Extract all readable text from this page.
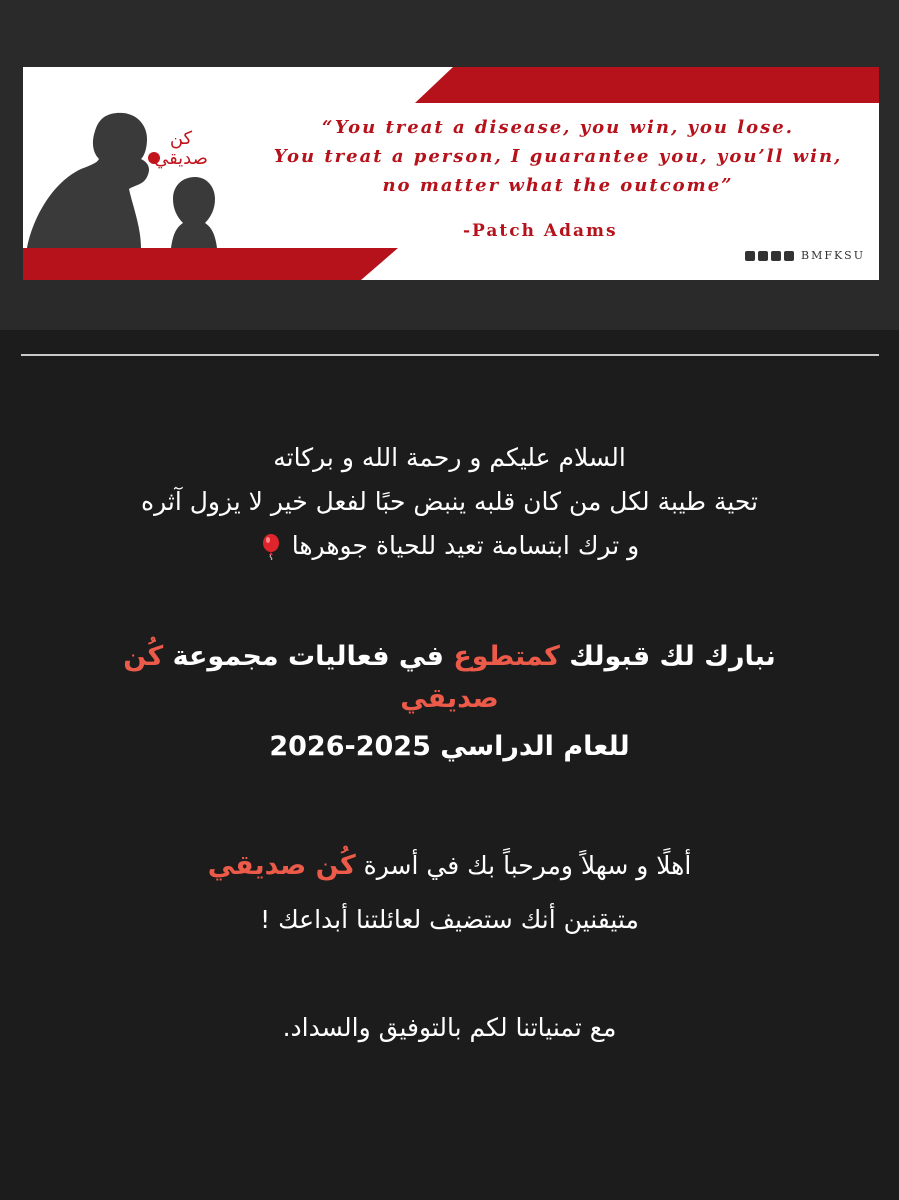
كن
صديقي
“You treat a disease, you win, you lose.
You treat a person, I guarantee you, you’ll win,
no matter what the outcome”
-Patch Adams
BMFKSU
السلام عليكم و رحمة الله و بركاته
تحية طيبة لكل من كان قلبه ينبض حبًا لفعل خير لا يزول آثره
و ترك ابتسامة تعيد للحياة جوهرها
نبارك لك قبولك كمتطوع في فعاليات مجموعة كُن
صديقي
للعام الدراسي 2025-2026
أهلًا و سهلاً ومرحباً بك في أسرة كُن صديقي
متيقنين أنك ستضيف لعائلتنا أبداعك !
مع تمنياتنا لكم بالتوفيق والسداد.
